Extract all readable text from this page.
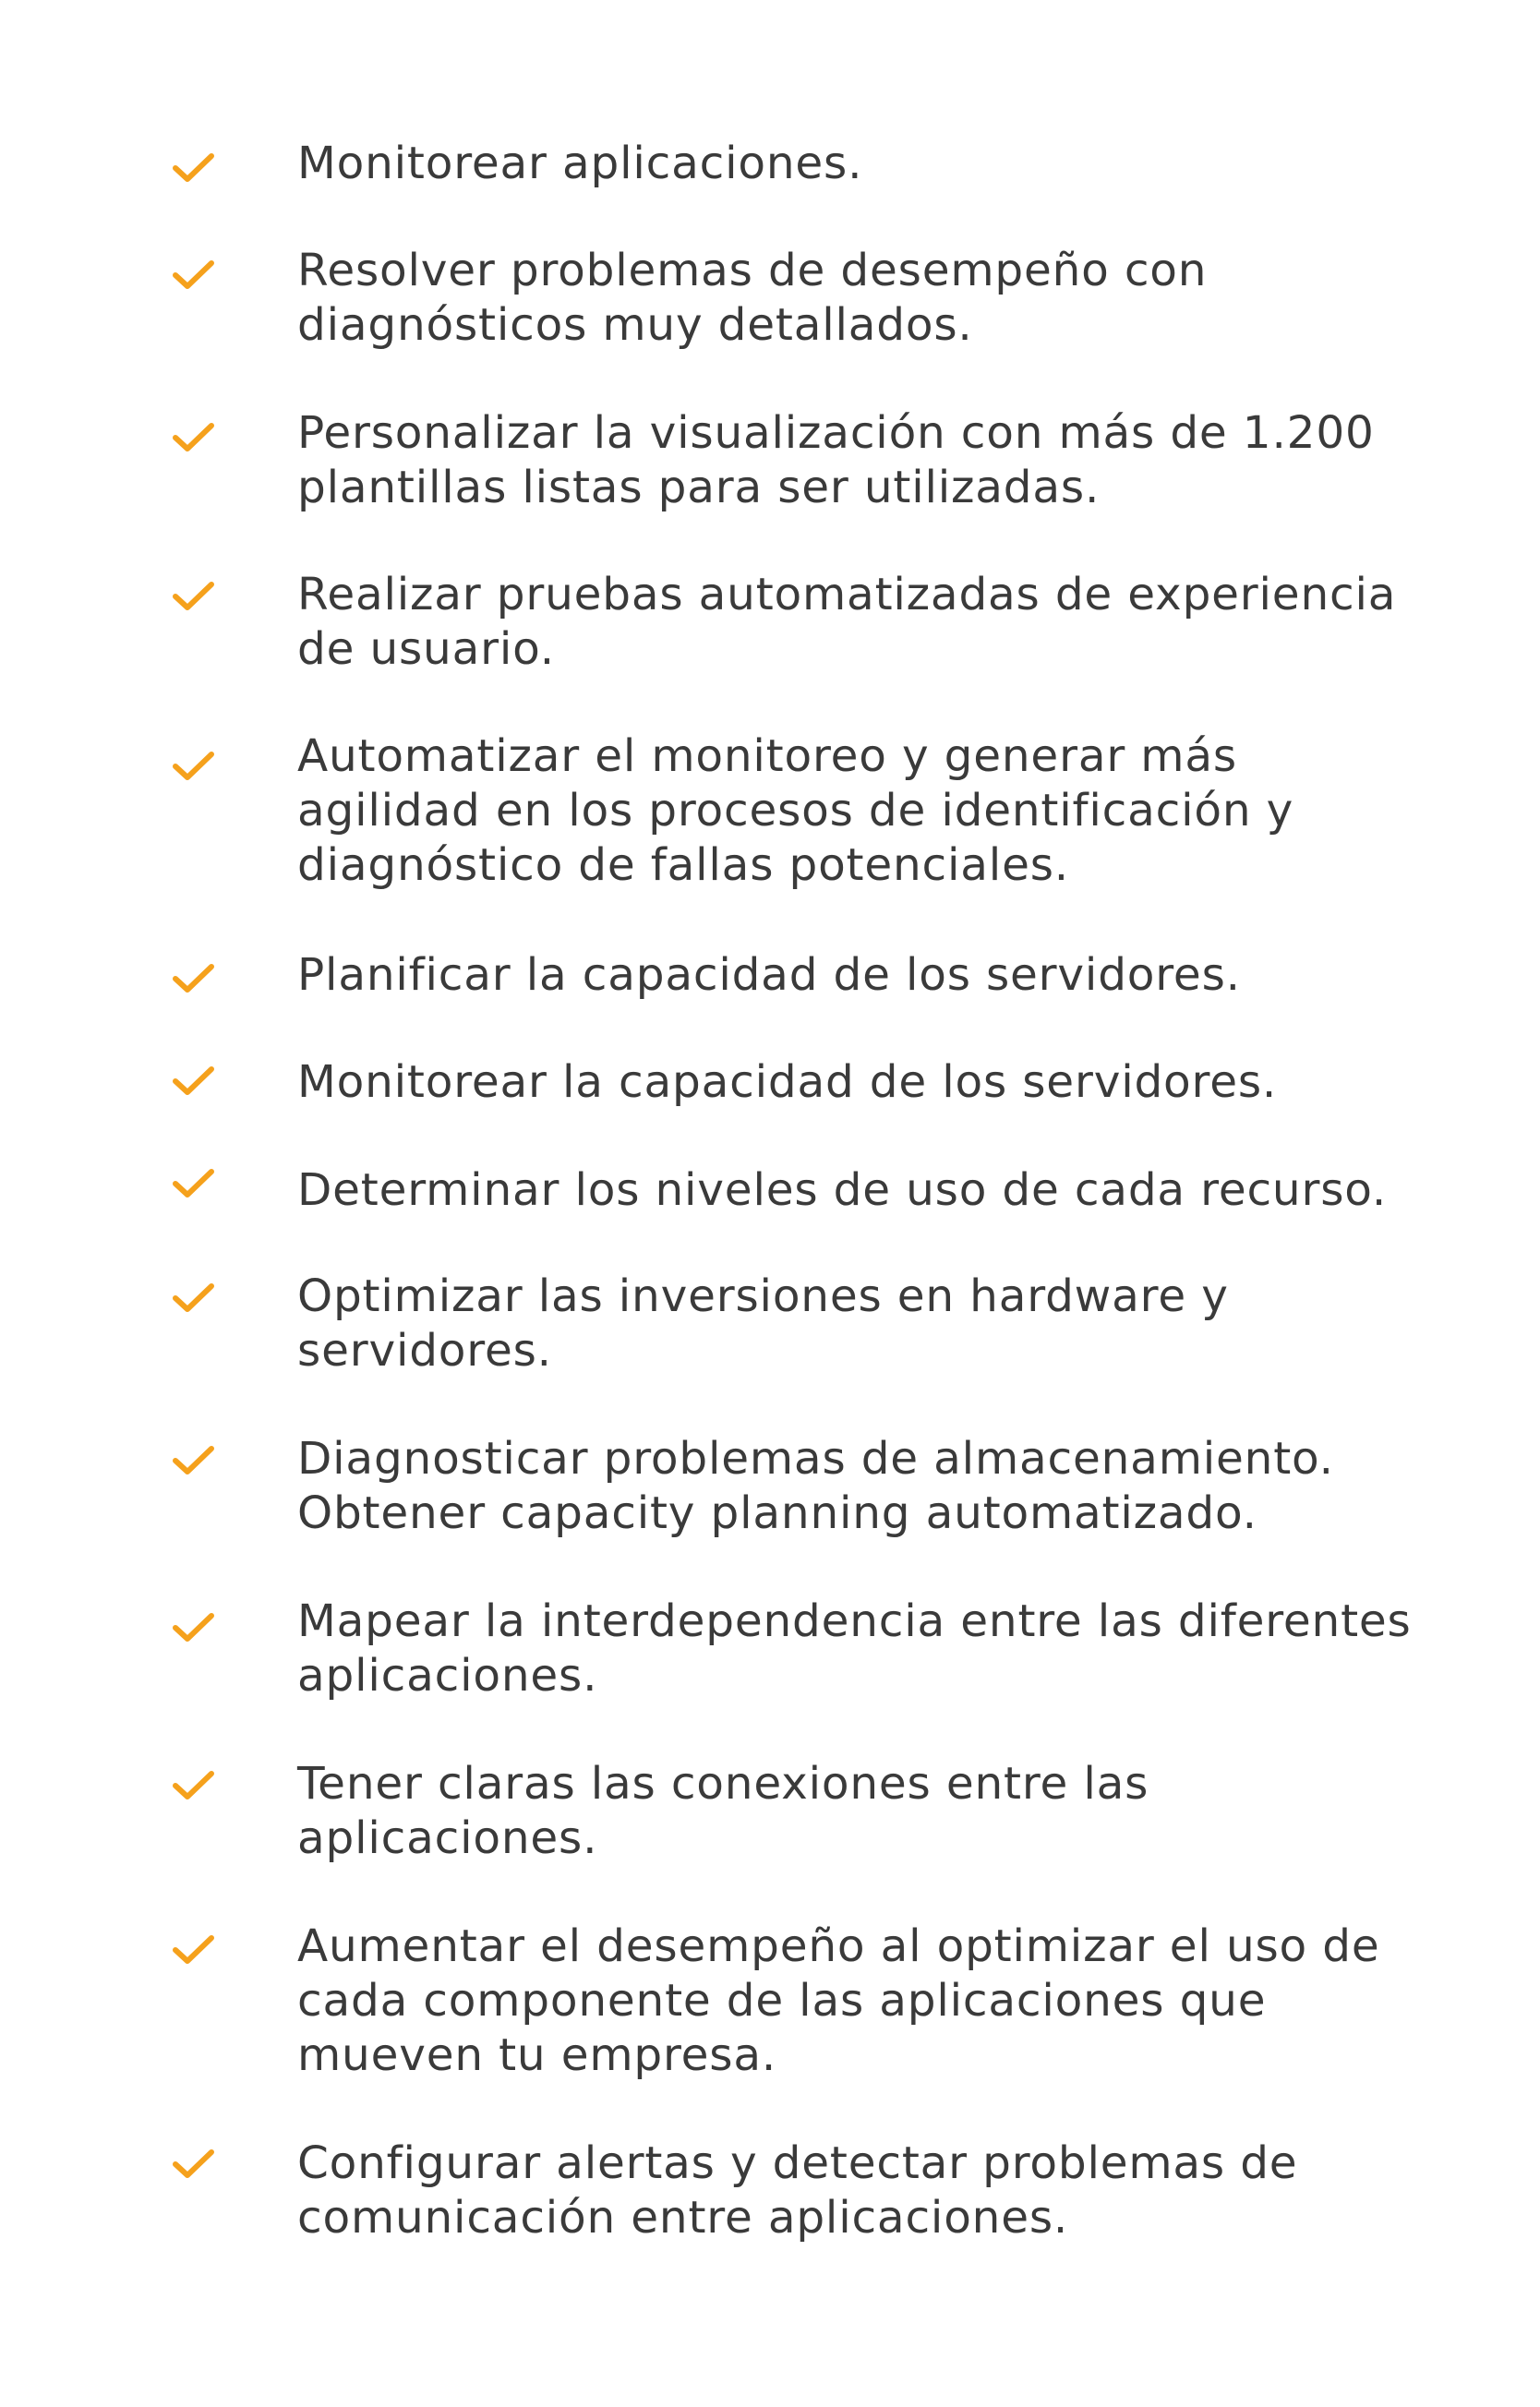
Monitorear aplicaciones.

Resolver problemas de desempeño con
diagnósticos muy detallados.

Personalizar la visualización con más de 1.200
plantillas listas para ser utilizadas.

Realizar pruebas automatizadas de experiencia
de usuario.

Automatizar el monitoreo y generar más
agilidad en los procesos de identificación y
diagnóstico de fallas potenciales.

Planificar la capacidad de los servidores.

Monitorear la capacidad de los servidores.

Determinar los niveles de uso de cada recurso.

Optimizar las inversiones en hardware y
servidores.

Diagnosticar problemas de almacenamiento.
Obtener capacity planning automatizado.

Mapear la interdependencia entre las diferentes
aplicaciones.

Tener claras las conexiones entre las
aplicaciones.

Aumentar el desempeño al optimizar el uso de
cada componente de las aplicaciones que
mueven tu empresa.

Configurar alertas y detectar problemas de
comunicación entre aplicaciones.
